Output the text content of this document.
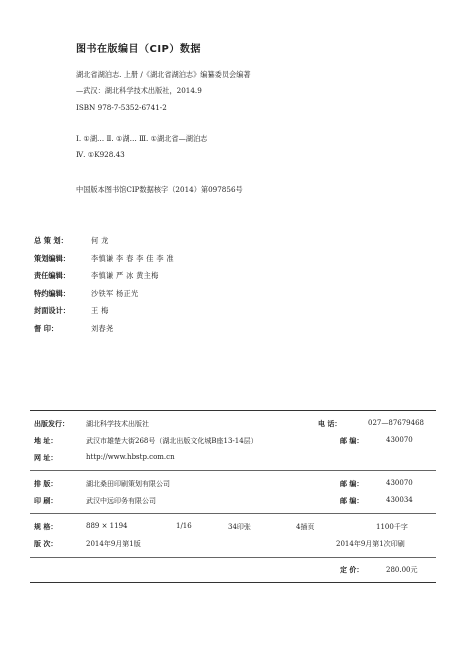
图书在版编目（CIP）数据
湖北省湖泊志. 上册 /《湖北省湖泊志》编纂委员会编著
—武汉：湖北科学技术出版社，2014.9
ISBN 978-7-5352-6741-2
Ⅰ. ①湖… Ⅱ. ①湖… Ⅲ. ①湖北省—湖泊志
Ⅳ. ①K928.43
中国版本图书馆CIP数据核字（2014）第097856号
总 策 划：	何 龙
策划编辑：	李慎谦 李 春 李 佳 李 准
责任编辑：	李慎谦 严 冰 黄主梅
特约编辑：	沙铁军 杨正光
封面设计：	王 梅
督 印：	刘春尧
出版发行： 湖北科学技术出版社	电 话：	027—87679468
地 址：	武汉市雄楚大街268号（湖北出版文化城B座13-14层）	邮 编：	430070
网 址：	http://www.hbstp.com.cn
排 版：	湖北桑田印刷策划有限公司	邮 编：	430070
印 刷：	武汉中远印务有限公司	邮 编：	430034
规 格：	889 × 1194	1/16	34印张	4插页	1100千字
版 次：	2014年9月第1版	2014年9月第1次印刷
定 价：	280.00元
